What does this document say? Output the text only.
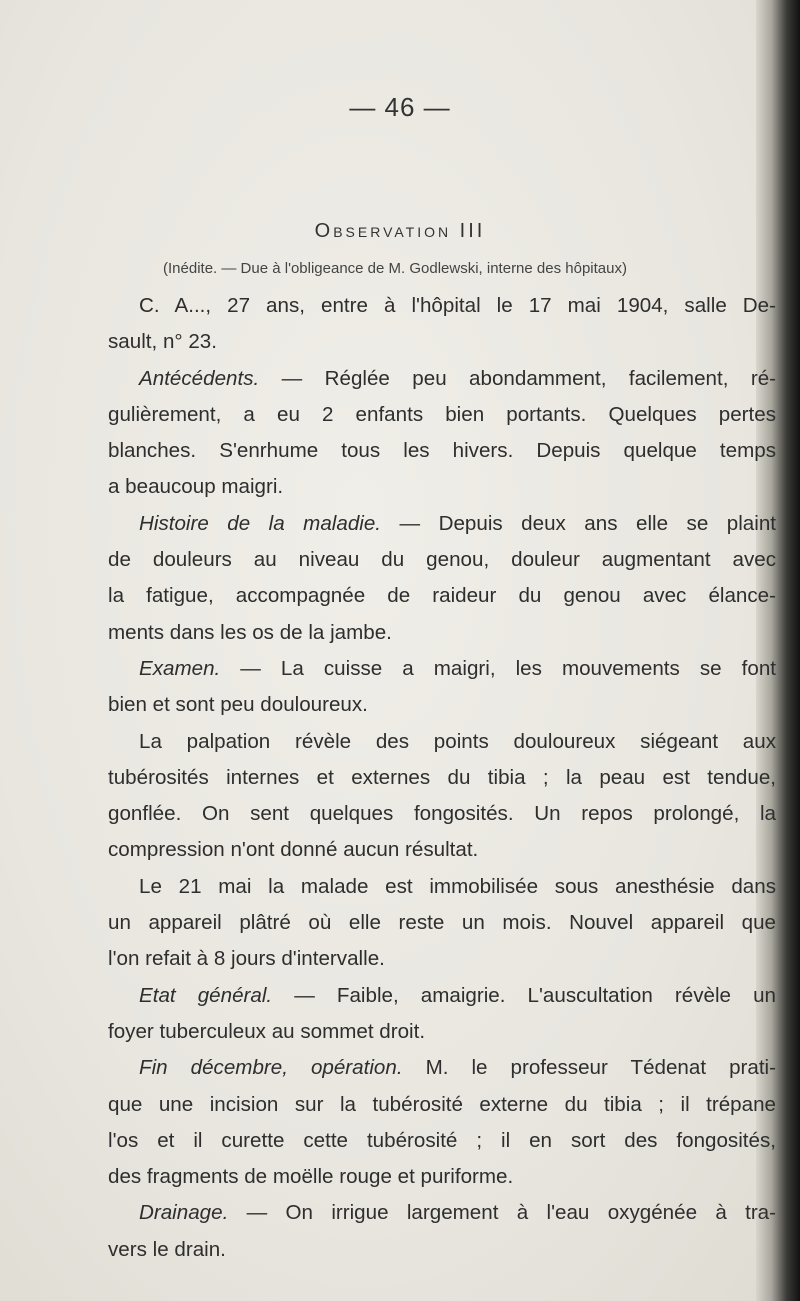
— 46 —
Observation III
(Inédite. — Due à l'obligeance de M. Godlewski, interne des hôpitaux)
C. A..., 27 ans, entre à l'hôpital le 17 mai 1904, salle De-
sault, n° 23.
Antécédents. — Réglée peu abondamment, facilement, ré-
gulièrement, a eu 2 enfants bien portants. Quelques pertes
blanches. S'enrhume tous les hivers. Depuis quelque temps
a beaucoup maigri.
Histoire de la maladie. — Depuis deux ans elle se plaint
de douleurs au niveau du genou, douleur augmentant avec
la fatigue, accompagnée de raideur du genou avec élance-
ments dans les os de la jambe.
Examen. — La cuisse a maigri, les mouvements se font
bien et sont peu douloureux.
La palpation révèle des points douloureux siégeant aux
tubérosités internes et externes du tibia ; la peau est tendue,
gonflée. On sent quelques fongosités. Un repos prolongé, la
compression n'ont donné aucun résultat.
Le 21 mai la malade est immobilisée sous anesthésie dans
un appareil plâtré où elle reste un mois. Nouvel appareil que
l'on refait à 8 jours d'intervalle.
Etat général. — Faible, amaigrie. L'auscultation révèle un
foyer tuberculeux au sommet droit.
Fin décembre, opération. M. le professeur Tédenat prati-
que une incision sur la tubérosité externe du tibia ; il trépane
l'os et il curette cette tubérosité ; il en sort des fongosités,
des fragments de moëlle rouge et puriforme.
Drainage. — On irrigue largement à l'eau oxygénée à tra-
vers le drain.
